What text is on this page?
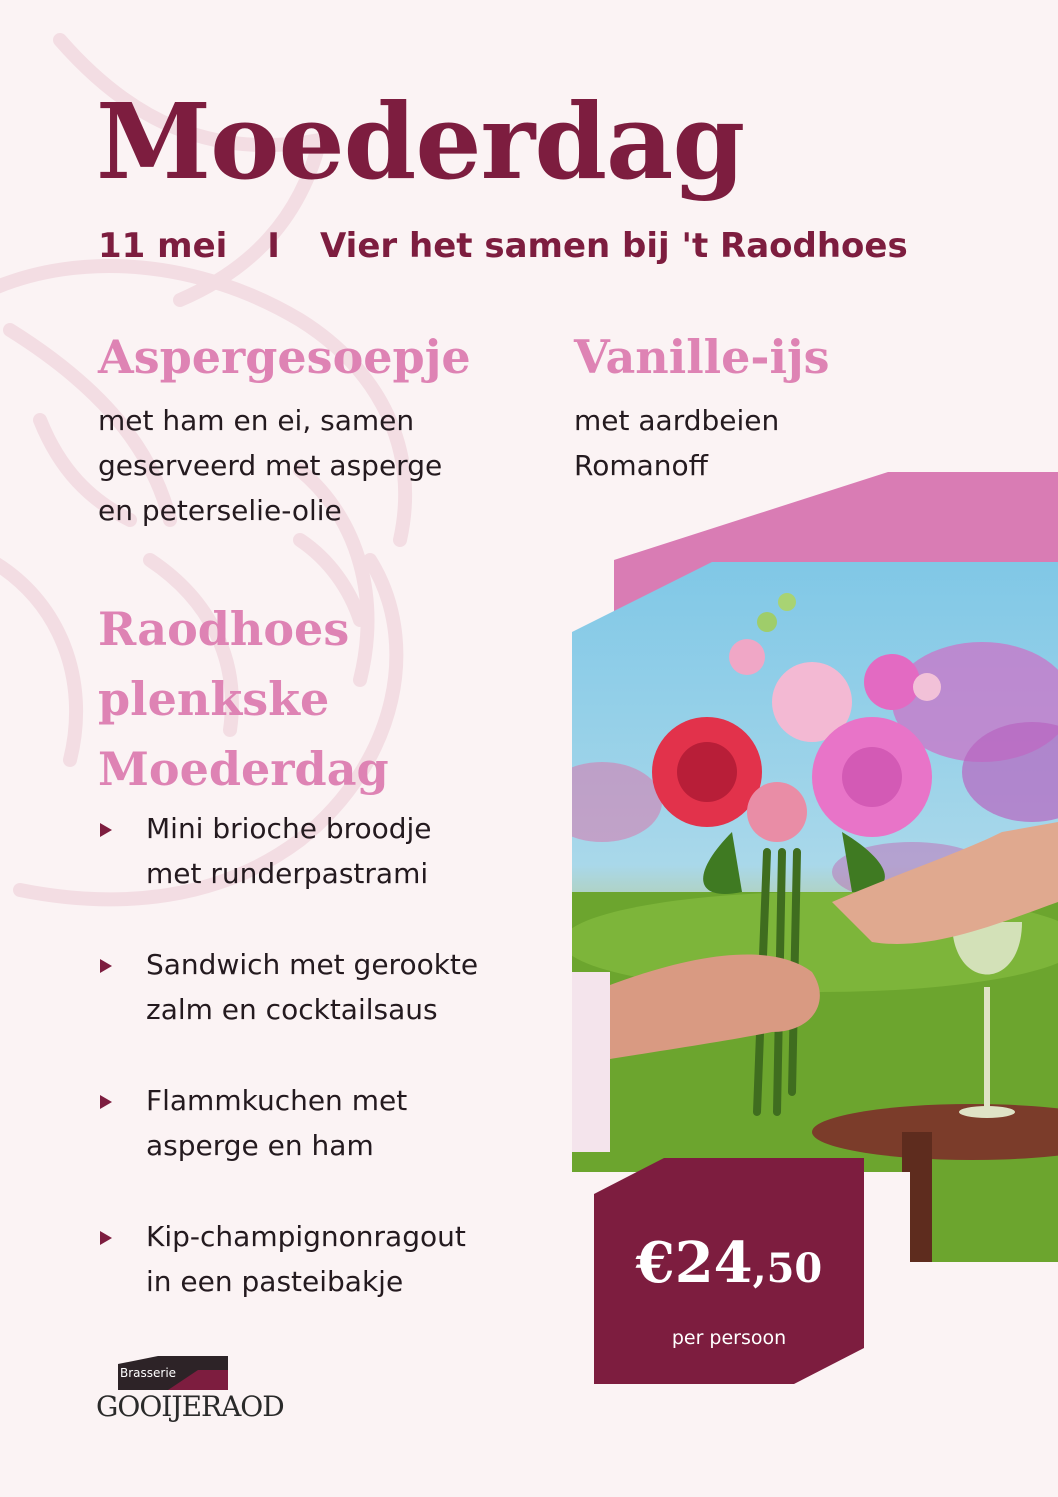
Moederdag
11 mei I Vier het samen bij 't Raodhoes
Aspergesoepje

met ham en ei, samen
geserveerd met asperge
en peterselie-olie

Vanille-ijs

met aardbeien
Romanoff

Raodhoes
plenkske
Moederdag
Mini brioche broodje
met runderpastrami
Sandwich met gerookte
zalm en cocktailsaus
Flammkuchen met
asperge en ham
Kip-champignonragout
in een pasteibakje	€24,50
per persoon
Brasserie
GOOIJERAOD
